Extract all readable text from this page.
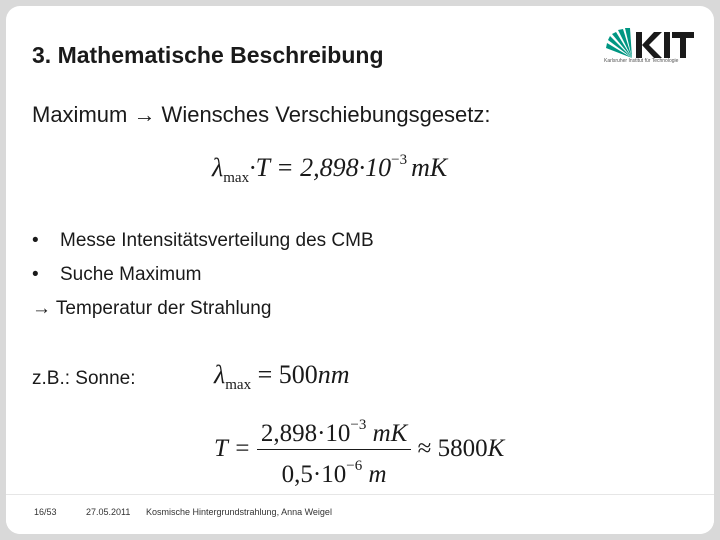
3. Mathematische Beschreibung	Karlsruher Institut für Technologie
Maximum → Wiensches Verschiebungsgesetz:
$\lambda_{max}\cdot T = 2,898\cdot 10^{-3}$ mK
• Messe Intensitätsverteilung des CMB
• Suche Maximum
→ Temperatur der Strahlung
z.B.: Sonne:	$\lambda_{max} = 500nm$
$T = \frac{2,898\cdot 10^{-3} mK}{0,5\cdot 10^{-6} m} \approx 5800K$
16/53	27.05.2011 Kosmische Hintergrundstrahlung, Anna Weigel
